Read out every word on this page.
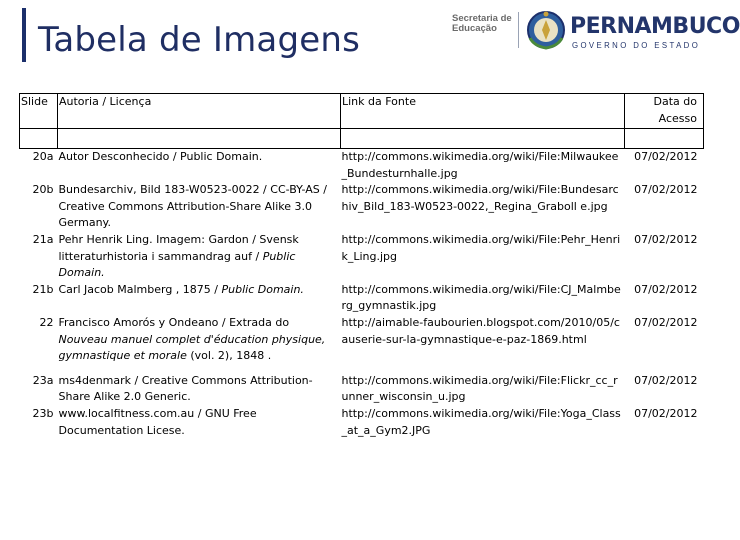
Tabela de Imagens
Secretaria de
Educação	PERNAMBUCO
GOVERNO DO ESTADO
Slide	Autoria / Licença	Link da Fonte	Data do
Acesso

20a	Autor Desconhecido / Public Domain.	http://commons.wikimedia.org/wiki/File:Milwaukee_Bundesturnhalle.jpg	07/02/2012
20b	Bundesarchiv, Bild 183-W0523-0022 / CC-BY-AS / Creative Commons Attribution-Share Alike 3.0 Germany.	http://commons.wikimedia.org/wiki/File:Bundesarchiv_Bild_183-W0523-0022,_Regina_Graboll e.jpg	07/02/2012
21a	Pehr Henrik Ling. Imagem: Gardon / Svensk litteraturhistoria i sammandrag auf / Public Domain.	http://commons.wikimedia.org/wiki/File:Pehr_Henrik_Ling.jpg	07/02/2012
21b	Carl Jacob Malmberg , 1875 / Public Domain.	http://commons.wikimedia.org/wiki/File:CJ_Malmberg_gymnastik.jpg	07/02/2012
22	Francisco Amorós y Ondeano / Extrada do Nouveau manuel complet d'éducation physique, gymnastique et morale (vol. 2), 1848 .	http://aimable-faubourien.blogspot.com/2010/05/causerie-sur-la-gymnastique-e-paz-1869.html	07/02/2012
23a	ms4denmark / Creative Commons Attribution-Share Alike 2.0 Generic.	http://commons.wikimedia.org/wiki/File:Flickr_cc_runner_wisconsin_u.jpg	07/02/2012
23b	www.localfitness.com.au / GNU Free Documentation Licese.	http://commons.wikimedia.org/wiki/File:Yoga_Class_at_a_Gym2.JPG	07/02/2012
